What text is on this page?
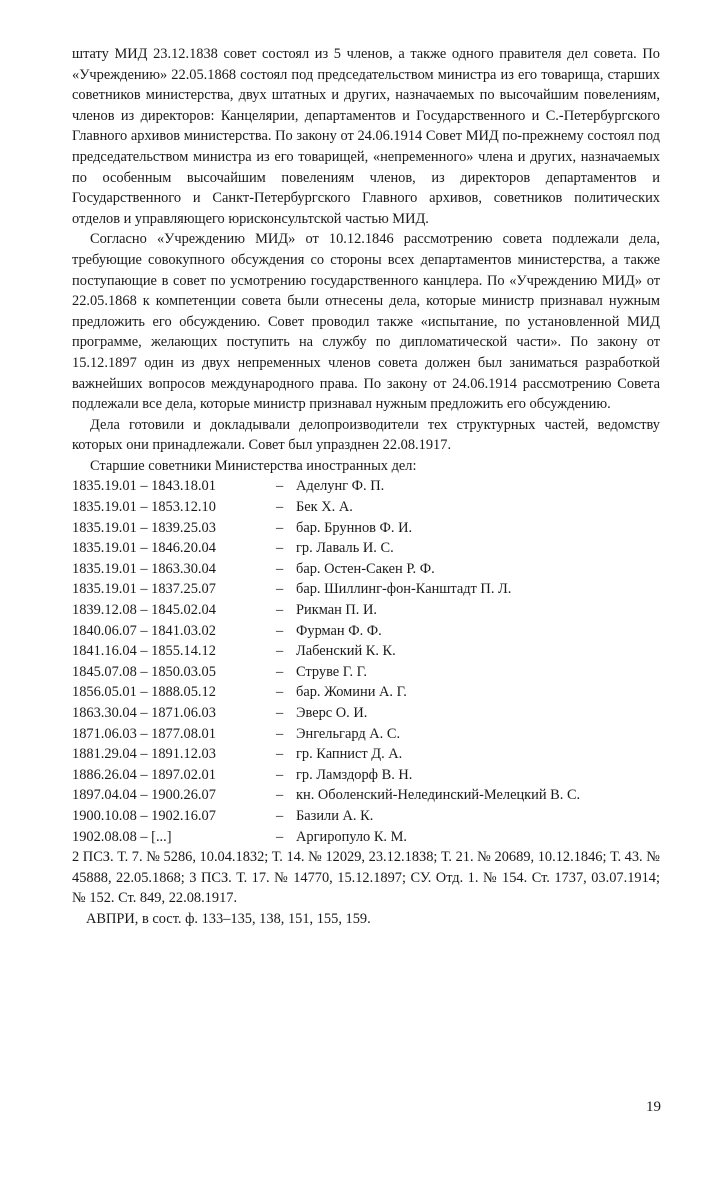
штату МИД 23.12.1838 совет состоял из 5 членов, а также одного правителя дел совета. По «Учреждению» 22.05.1868 состоял под председательством министра из его товарища, старших советников министерства, двух штатных и других, назначаемых по высочайшим повелениям, членов из директоров: Канцелярии, департаментов и Государственного и С.-Петербургского Главного архивов министерства. По закону от 24.06.1914 Совет МИД по-прежнему состоял под председательством министра из его товарищей, «непременного» члена и других, назначаемых по особенным высочайшим повелениям членов, из директоров департаментов и Государственного и Санкт-Петербургского Главного архивов, советников политических отделов и управляющего юрисконсультской частью МИД.

Согласно «Учреждению МИД» от 10.12.1846 рассмотрению совета подлежали дела, требующие совокупного обсуждения со стороны всех департаментов министерства, а также поступающие в совет по усмотрению государственного канцлера. По «Учреждению МИД» от 22.05.1868 к компетенции совета были отнесены дела, которые министр признавал нужным предложить его обсуждению. Совет проводил также «испытание, по установленной МИД программе, желающих поступить на службу по дипломатической части». По закону от 15.12.1897 один из двух непременных членов совета должен был заниматься разработкой важнейших вопросов международного права. По закону от 24.06.1914 рассмотрению Совета подлежали все дела, которые министр признавал нужным предложить его обсуждению.

Дела готовили и докладывали делопроизводители тех структурных частей, ведомству которых они принадлежали. Совет был упразднен 22.08.1917.

Старшие советники Министерства иностранных дел:

1835.19.01 – 1843.18.01	– Аделунг Ф. П.
1835.19.01 – 1853.12.10	– Бек Х. А.
1835.19.01 – 1839.25.03	– бар. Бруннов Ф. И.
1835.19.01 – 1846.20.04	– гр. Лаваль И. С.
1835.19.01 – 1863.30.04	– бар. Остен-Сакен Р. Ф.
1835.19.01 – 1837.25.07	– бар. Шиллинг-фон-Канштадт П. Л.
1839.12.08 – 1845.02.04	– Рикман П. И.
1840.06.07 – 1841.03.02	– Фурман Ф. Ф.
1841.16.04 – 1855.14.12	– Лабенский К. К.
1845.07.08 – 1850.03.05	– Струве Г. Г.
1856.05.01 – 1888.05.12	– бар. Жомини А. Г.
1863.30.04 – 1871.06.03	– Эверс О. И.
1871.06.03 – 1877.08.01	– Энгельгард А. С.
1881.29.04 – 1891.12.03	– гр. Капнист Д. А.
1886.26.04 – 1897.02.01	– гр. Ламздорф В. Н.
1897.04.04 – 1900.26.07	– кн. Оболенский-Нелединский-Мелецкий В. С.
1900.10.08 – 1902.16.07	– Базили А. К.
1902.08.08 – [...]	– Аргиропуло К. М.

2 ПСЗ. Т. 7. № 5286, 10.04.1832; Т. 14. № 12029, 23.12.1838; Т. 21. № 20689, 10.12.1846; Т. 43. № 45888, 22.05.1868; 3 ПСЗ. Т. 17. № 14770, 15.12.1897; СУ. Отд. 1. № 154. Ст. 1737, 03.07.1914; № 152. Ст. 849, 22.08.1917.

АВПРИ, в сост. ф. 133–135, 138, 151, 155, 159.

19
